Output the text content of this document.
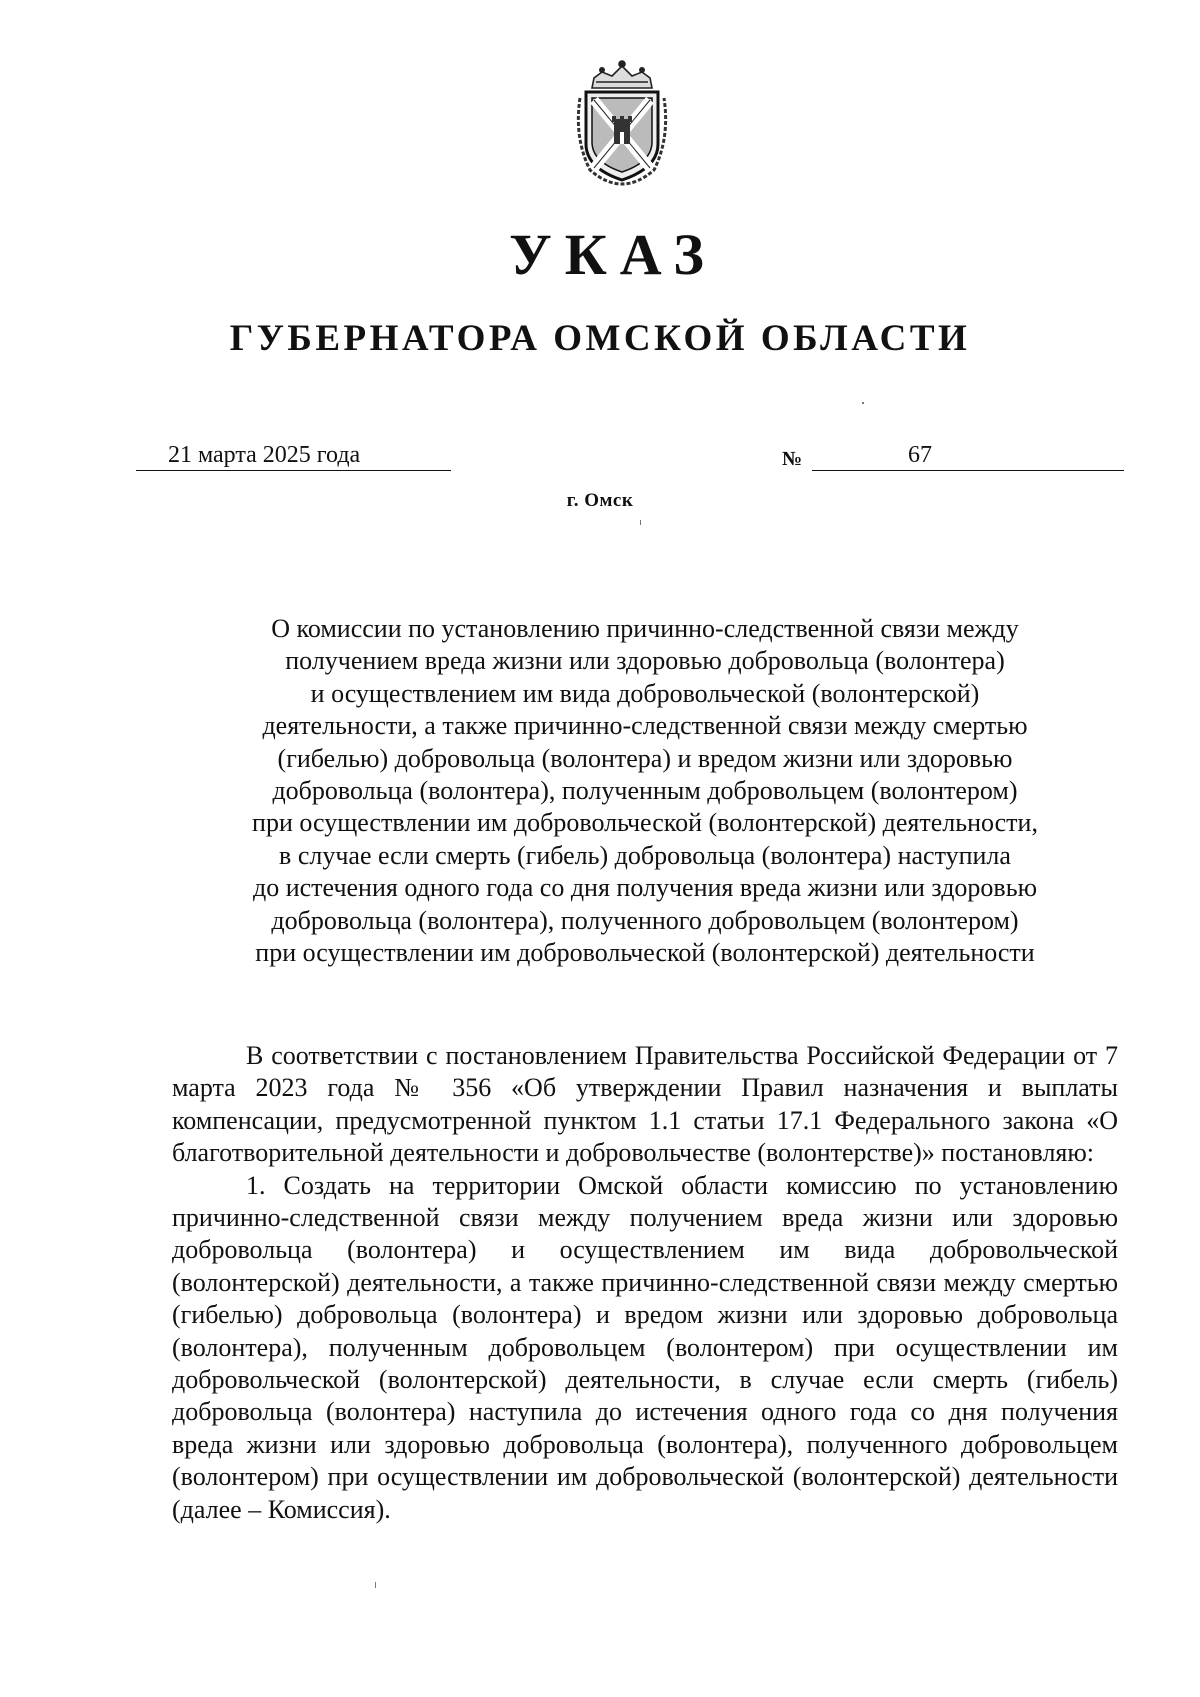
УКАЗ
ГУБЕРНАТОРА ОМСКОЙ ОБЛАСТИ
21 марта 2025 года	№	67
г. Омск
О комиссии по установлению причинно-следственной связи между
получением вреда жизни или здоровью добровольца (волонтера)
и осуществлением им вида добровольческой (волонтерской)
деятельности, а также причинно-следственной связи между смертью
(гибелью) добровольца (волонтера) и вредом жизни или здоровью
добровольца (волонтера), полученным добровольцем (волонтером)
при осуществлении им добровольческой (волонтерской) деятельности,
в случае если смерть (гибель) добровольца (волонтера) наступила
до истечения одного года со дня получения вреда жизни или здоровью
добровольца (волонтера), полученного добровольцем (волонтером)
при осуществлении им добровольческой (волонтерской) деятельности

В соответствии с постановлением Правительства Российской Федерации от 7 марта 2023 года № 356 «Об утверждении Правил назначения и выплаты компенсации, предусмотренной пунктом 1.1 статьи 17.1 Федерального закона «О благотворительной деятельности и добровольчестве (волонтерстве)» постановляю:

1. Создать на территории Омской области комиссию по установлению причинно-следственной связи между получением вреда жизни или здоровью добровольца (волонтера) и осуществлением им вида добровольческой (волонтерской) деятельности, а также причинно-следственной связи между смертью (гибелью) добровольца (волонтера) и вредом жизни или здоровью добровольца (волонтера), полученным добровольцем (волонтером) при осуществлении им добровольческой (волонтерской) деятельности, в случае если смерть (гибель) добровольца (волонтера) наступила до истечения одного года со дня получения вреда жизни или здоровью добровольца (волонтера), полученного добровольцем (волонтером) при осуществлении им добровольческой (волонтерской) деятельности (далее – Комиссия).
